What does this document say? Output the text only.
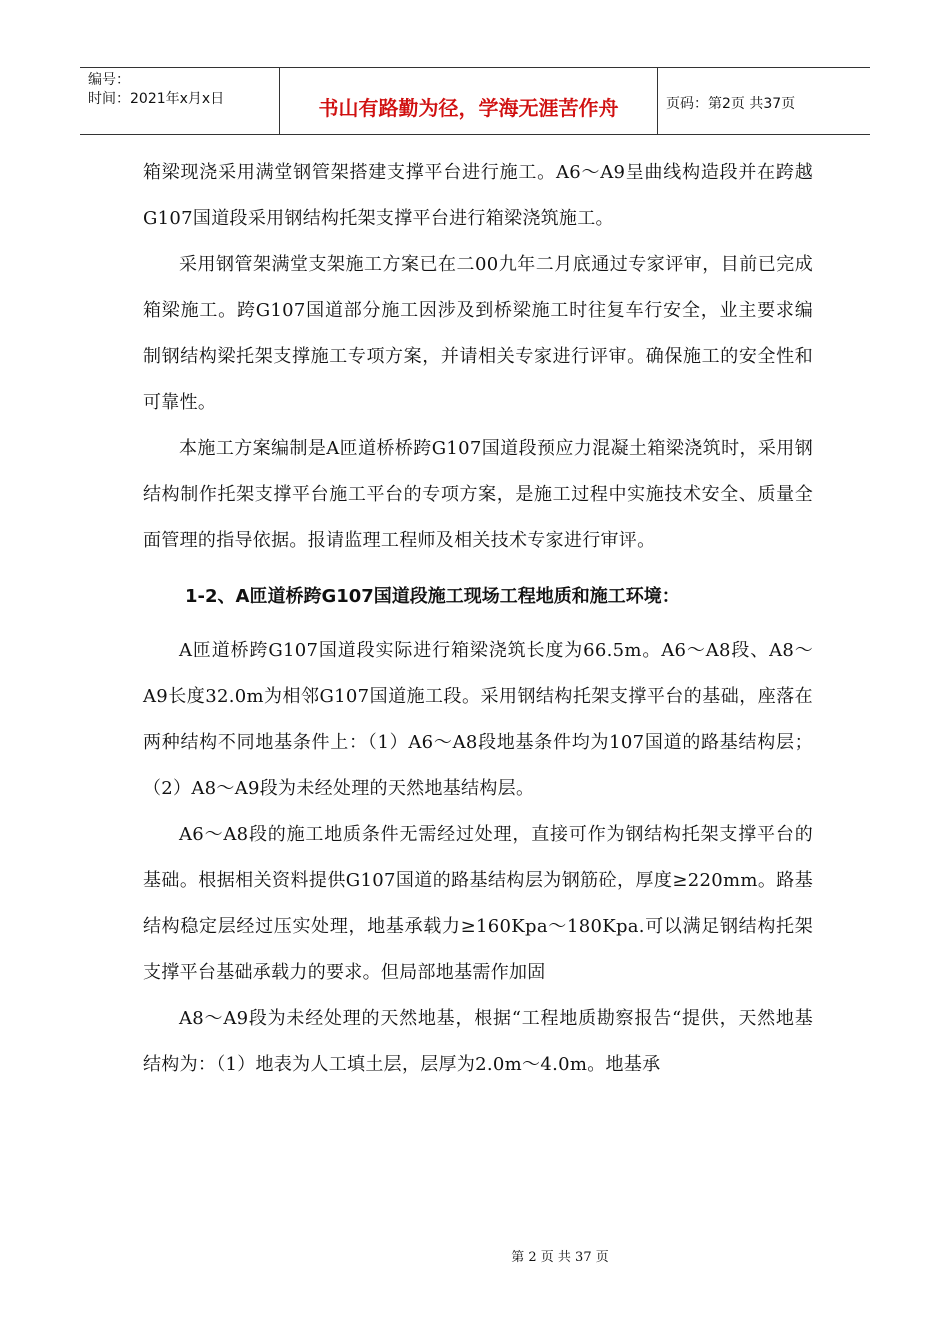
编号：
时间：2021年x月x日	书山有路勤为径，学海无涯苦作舟	页码：第2页 共37页

箱梁现浇采用满堂钢管架搭建支撑平台进行施工。A6～A9呈曲线构造段并在跨越G107国道段采用钢结构托架支撑平台进行箱梁浇筑施工。

采用钢管架满堂支架施工方案已在二00九年二月底通过专家评审，目前已完成箱梁施工。跨G107国道部分施工因涉及到桥梁施工时往复车行安全，业主要求编制钢结构梁托架支撑施工专项方案，并请相关专家进行评审。确保施工的安全性和可靠性。

本施工方案编制是A匝道桥桥跨G107国道段预应力混凝土箱梁浇筑时，采用钢结构制作托架支撑平台施工平台的专项方案，是施工过程中实施技术安全、质量全面管理的指导依据。报请监理工程师及相关技术专家进行审评。

1-2、A匝道桥跨G107国道段施工现场工程地质和施工环境：

A匝道桥跨G107国道段实际进行箱梁浇筑长度为66.5m。A6～A8段、A8～A9长度32.0m为相邻G107国道施工段。采用钢结构托架支撑平台的基础，座落在两种结构不同地基条件上：（1）A6～A8段地基条件均为107国道的路基结构层；（2）A8～A9段为未经处理的天然地基结构层。

A6～A8段的施工地质条件无需经过处理，直接可作为钢结构托架支撑平台的基础。根据相关资料提供G107国道的路基结构层为钢筋砼，厚度≥220mm。路基结构稳定层经过压实处理，地基承载力≥160Kpa～180Kpa.可以满足钢结构托架支撑平台基础承载力的要求。但局部地基需作加固

A8～A9段为未经处理的天然地基，根据“工程地质勘察报告“提供，天然地基结构为：（1）地表为人工填土层，层厚为2.0m～4.0m。地基承

第 2 页 共 37 页
